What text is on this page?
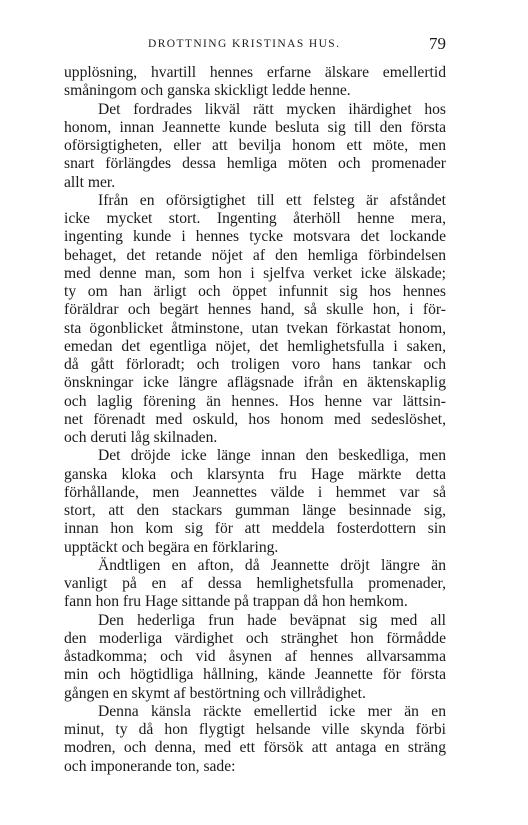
DROTTNING KRISTINAS HUS.	79
upplösning, hvartill hennes erfarne älskare emellertid
småningom och ganska skickligt ledde henne.
Det fordrades likväl rätt mycken ihärdighet hos
honom, innan Jeannette kunde besluta sig till den första
oförsigtigheten, eller att bevilja honom ett möte, men
snart förlängdes dessa hemliga möten och promenader
allt mer.
Ifrån en oförsigtighet till ett felsteg är afståndet
icke mycket stort. Ingenting återhöll henne mera,
ingenting kunde i hennes tycke motsvara det lockande
behaget, det retande nöjet af den hemliga förbindelsen
med denne man, som hon i sjelfva verket icke älskade;
ty om han ärligt och öppet infunnit sig hos hennes
föräldrar och begärt hennes hand, så skulle hon, i för-
sta ögonblicket åtminstone, utan tvekan förkastat honom,
emedan det egentliga nöjet, det hemlighetsfulla i saken,
då gått förloradt; och troligen voro hans tankar och
önskningar icke längre aflägsnade ifrån en äktenskaplig
och laglig förening än hennes. Hos henne var lättsin-
net förenadt med oskuld, hos honom med sedeslöshet,
och deruti låg skilnaden.
Det dröjde icke länge innan den beskedliga, men
ganska kloka och klarsynta fru Hage märkte detta
förhållande, men Jeannettes välde i hemmet var så
stort, att den stackars gumman länge besinnade sig,
innan hon kom sig för att meddela fosterdottern sin
upptäckt och begära en förklaring.
Ändtligen en afton, då Jeannette dröjt längre än
vanligt på en af dessa hemlighetsfulla promenader,
fann hon fru Hage sittande på trappan då hon hemkom.
Den hederliga frun hade beväpnat sig med all
den moderliga värdighet och stränghet hon förmådde
åstadkomma; och vid åsynen af hennes allvarsamma
min och högtidliga hållning, kände Jeannette för första
gången en skymt af bestörtning och villrådighet.
Denna känsla räckte emellertid icke mer än en
minut, ty då hon flygtigt helsande ville skynda förbi
modren, och denna, med ett försök att antaga en sträng
och imponerande ton, sade:
